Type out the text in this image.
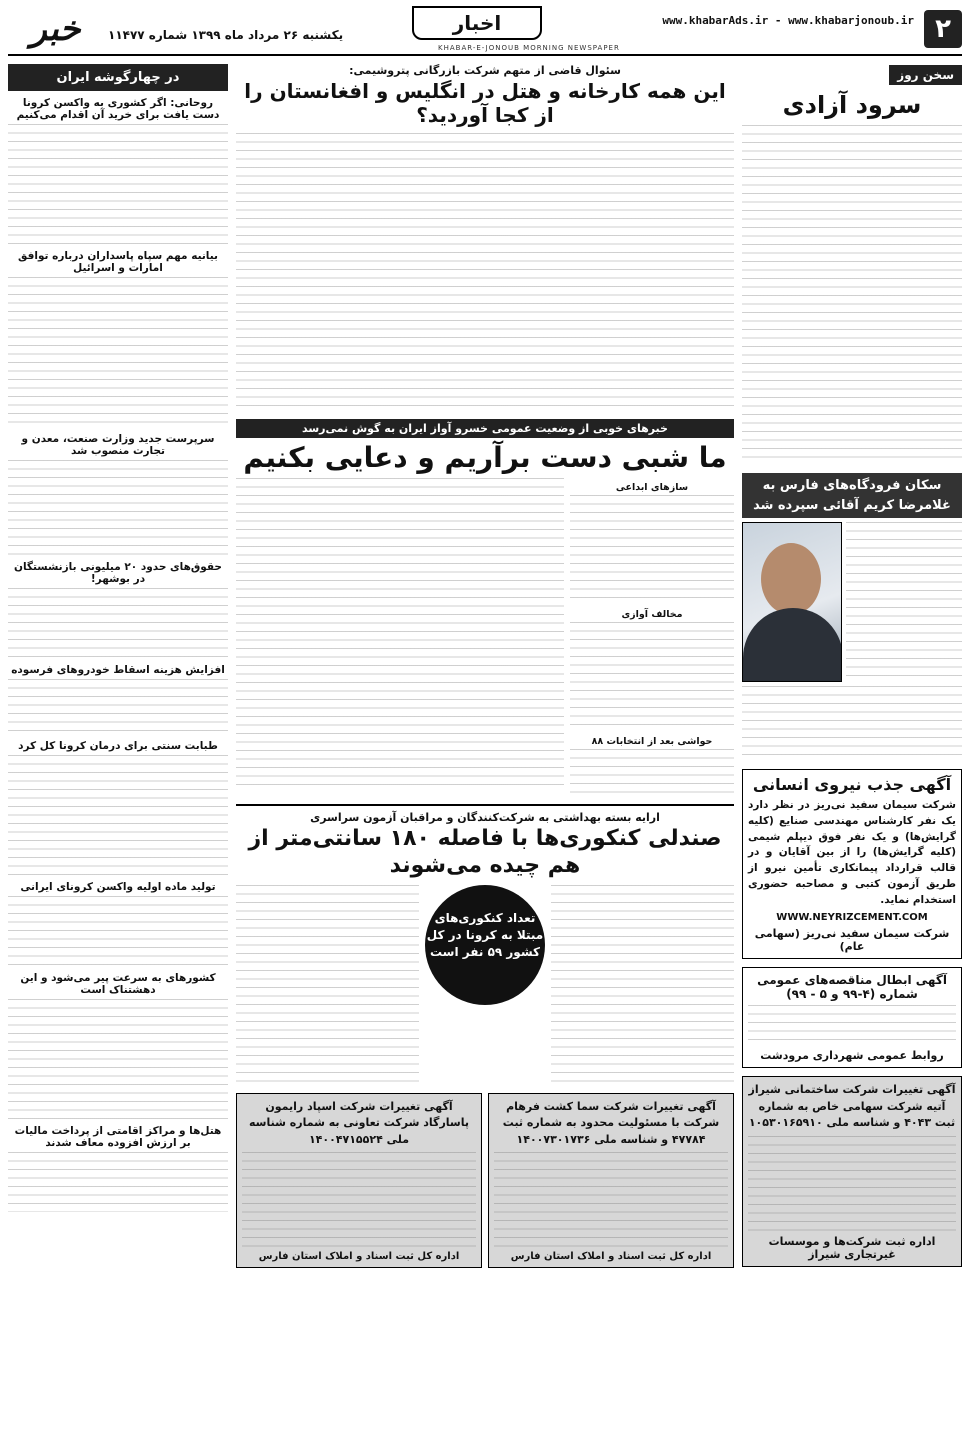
۲
www.khabarAds.ir - www.khabarjonoub.ir
اخبار
یکشنبه ۲۶ مرداد ماه ۱۳۹۹ شماره ۱۱۴۷۷
خبر	KHABAR-E-JONOUB MORNING NEWSPAPER
سخن روز
سرود آزادی
سکان فرودگاه‌های فارس به غلامرضا کریم آقائی سپرده شد
آگهی جذب نیروی انسانی
شرکت سیمان سفید نی‌ریز در نظر دارد یک نفر کارشناس مهندسی صنایع (کلیه گرایش‌ها) و یک نفر فوق دیپلم شیمی (کلیه گرایش‌ها) را از بین آقایان و در قالب قرارداد پیمانکاری تأمین نیرو از طریق آزمون کتبی و مصاحبه حضوری استخدام نماید.
WWW.NEYRIZCEMENT.COM
شرکت سیمان سفید نی‌ریز (سهامی عام)
آگهی ابطال مناقصه‌های عمومی شماره (۴-۹۹ و ۵ - ۹۹)
روابط عمومی شهرداری مرودشت
آگهی تغییرات شرکت ساختمانی شیراز آتیه شرکت سهامی خاص به شماره ثبت ۴۰۴۳ و شناسه ملی ۱۰۵۳۰۱۶۵۹۱۰
اداره ثبت شرکت‌ها و موسسات غیرتجاری شیراز
سئوال قاضی از متهم شرکت بازرگانی پتروشیمی:
این همه کارخانه و هتل در انگلیس و افغانستان را از کجا آوردید؟
خبرهای خوبی از وضعیت عمومی خسرو آواز ایران به گوش نمی‌رسد
ما شبی دست برآریم و دعایی بکنیم
سازهای ابداعی
مخالف آوازی
حواشی بعد از انتخابات ۸۸
ارایه بسته بهداشتی به شرکت‌کنندگان و مراقبان آزمون سراسری
صندلی کنکوری‌ها با فاصله ۱۸۰ سانتی‌متر از هم چیده می‌شوند
تعداد کنکوری‌های مبتلا به کرونا در کل کشور ۵۹ نفر است
آگهی تغییرات شرکت سما کشت فرهام شرکت با مسئولیت محدود به شماره ثبت ۴۷۷۸۴ و شناسه ملی ۱۴۰۰۷۳۰۱۷۳۶
اداره کل ثبت اسناد و املاک استان فارس
آگهی تغییرات شرکت اسپاد رایمون پاسارگاد شرکت تعاونی به شماره شناسه ملی ۱۴۰۰۴۷۱۵۵۲۴
اداره کل ثبت اسناد و املاک استان فارس
در چهارگوشه ایران
روحانی: اگر کشوری به واکسن کرونا دست یافت برای خرید آن اقدام می‌کنیم
بیانیه مهم سپاه پاسداران درباره توافق امارات و اسرائیل
سرپرست جدید وزارت صنعت، معدن و تجارت منصوب شد
حقوق‌های حدود ۲۰ میلیونی بازنشستگان در بوشهر!
افزایش هزینه اسقاط خودروهای فرسوده
طبابت سنتی برای درمان کرونا کل کرد
تولید ماده اولیه واکسن کرونای ایرانی
کشورهای به سرعت پیر می‌شود و این دهشتناک است
هتل‌ها و مراکز اقامتی از پرداخت مالیات بر ارزش افزوده معاف شدند
